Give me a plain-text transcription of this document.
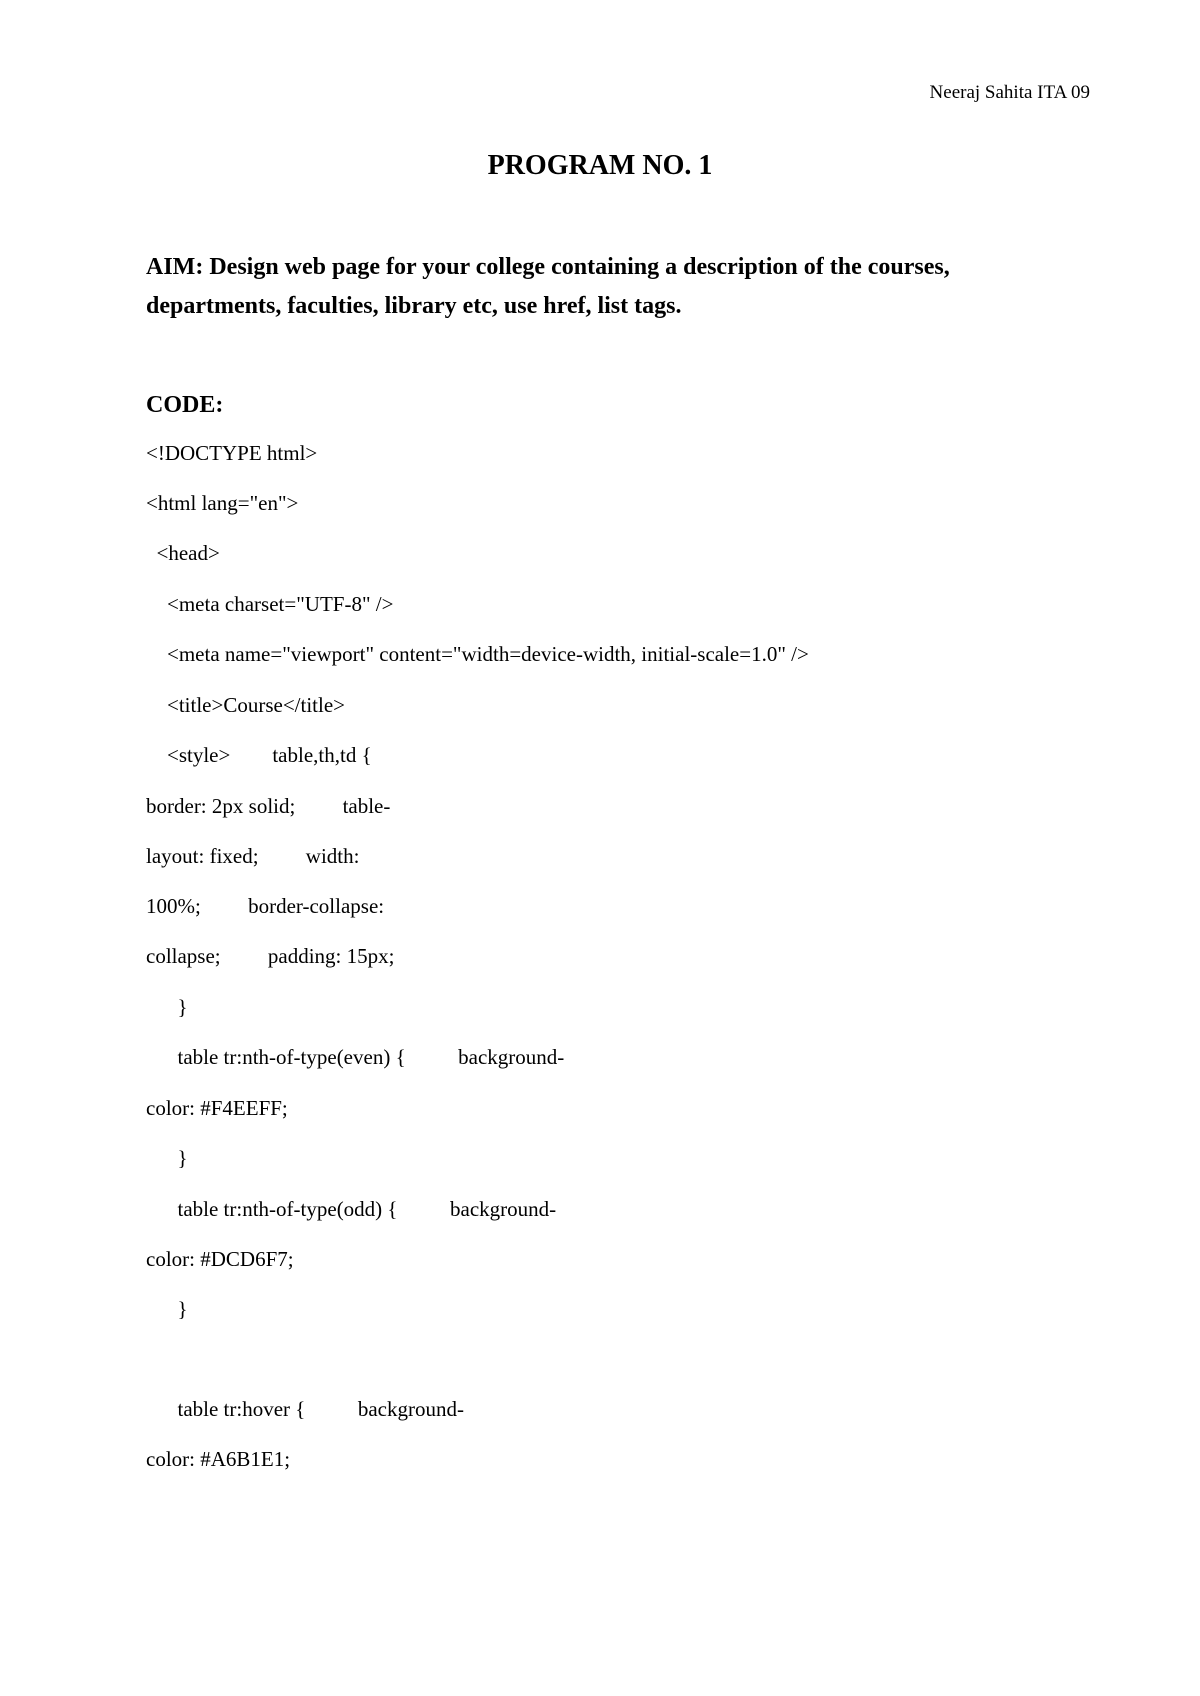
Neeraj Sahita ITA 09
PROGRAM NO. 1
AIM: Design web page for your college containing a description of the courses, departments, faculties, library etc, use href, list tags.
CODE:
<!DOCTYPE html>
<html lang="en">
<head>
<meta charset="UTF-8" />
<meta name="viewport" content="width=device-width, initial-scale=1.0" />
<title>Course</title>
<style>        table,th,td {
border: 2px solid;         table-
layout: fixed;         width:
100%;         border-collapse:
collapse;         padding: 15px;
}
table tr:nth-of-type(even) {          background-
color: #F4EEFF;
}
table tr:nth-of-type(odd) {          background-
color: #DCD6F7;
}
table tr:hover {          background-
color: #A6B1E1;
